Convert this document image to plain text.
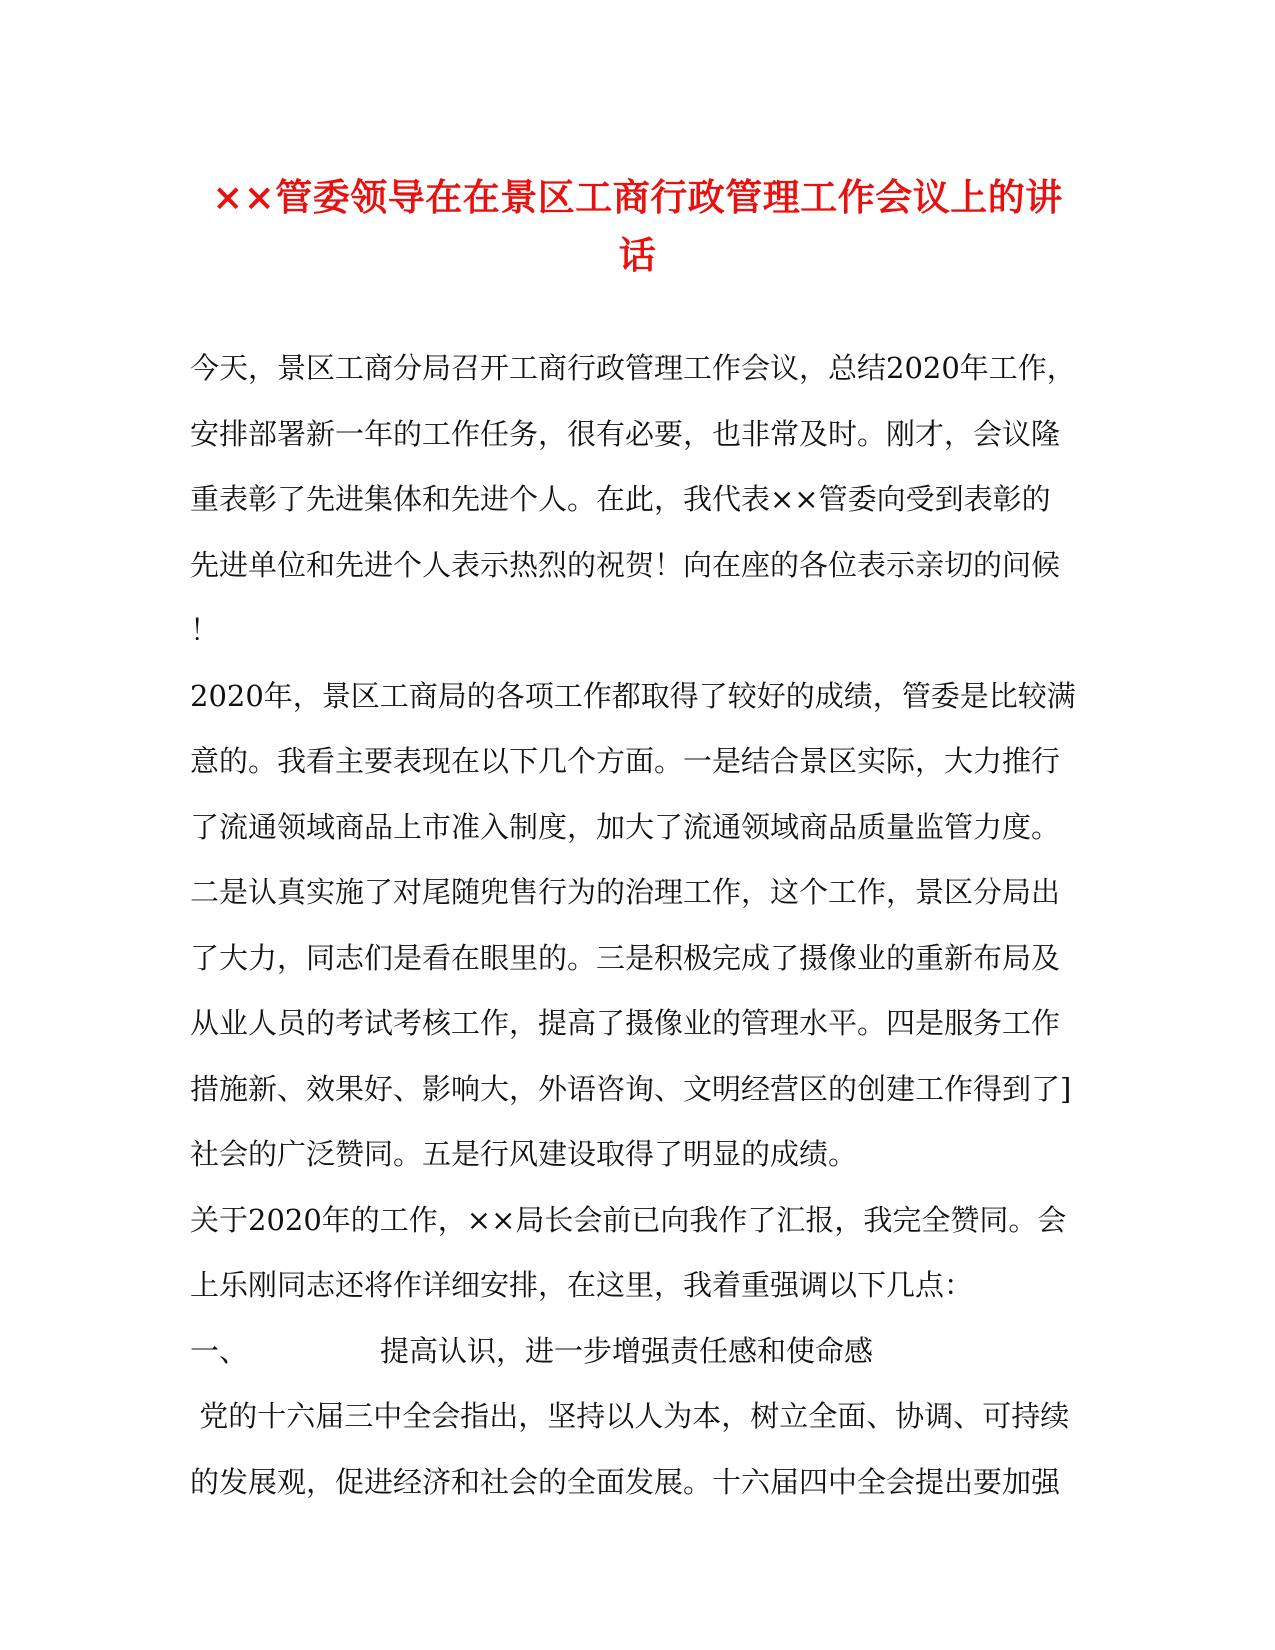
××管委领导在在景区工商行政管理工作会议上的讲
话
今天，景区工商分局召开工商行政管理工作会议，总结2020年工作，
安排部署新一年的工作任务，很有必要，也非常及时。刚才，会议隆
重表彰了先进集体和先进个人。在此，我代表××管委向受到表彰的
先进单位和先进个人表示热烈的祝贺！向在座的各位表示亲切的问候
！
2020年，景区工商局的各项工作都取得了较好的成绩，管委是比较满
意的。我看主要表现在以下几个方面。一是结合景区实际，大力推行
了流通领域商品上市准入制度，加大了流通领域商品质量监管力度。
二是认真实施了对尾随兜售行为的治理工作，这个工作，景区分局出
了大力，同志们是看在眼里的。三是积极完成了摄像业的重新布局及
从业人员的考试考核工作，提高了摄像业的管理水平。四是服务工作
措施新、效果好、影响大，外语咨询、文明经营区的创建工作得到了]
社会的广泛赞同。五是行风建设取得了明显的成绩。
关于2020年的工作，××局长会前已向我作了汇报，我完全赞同。会
上乐刚同志还将作详细安排，在这里，我着重强调以下几点：
一、	提高认识，进一步增强责任感和使命感
党的十六届三中全会指出，坚持以人为本，树立全面、协调、可持续
的发展观，促进经济和社会的全面发展。十六届四中全会提出要加强
